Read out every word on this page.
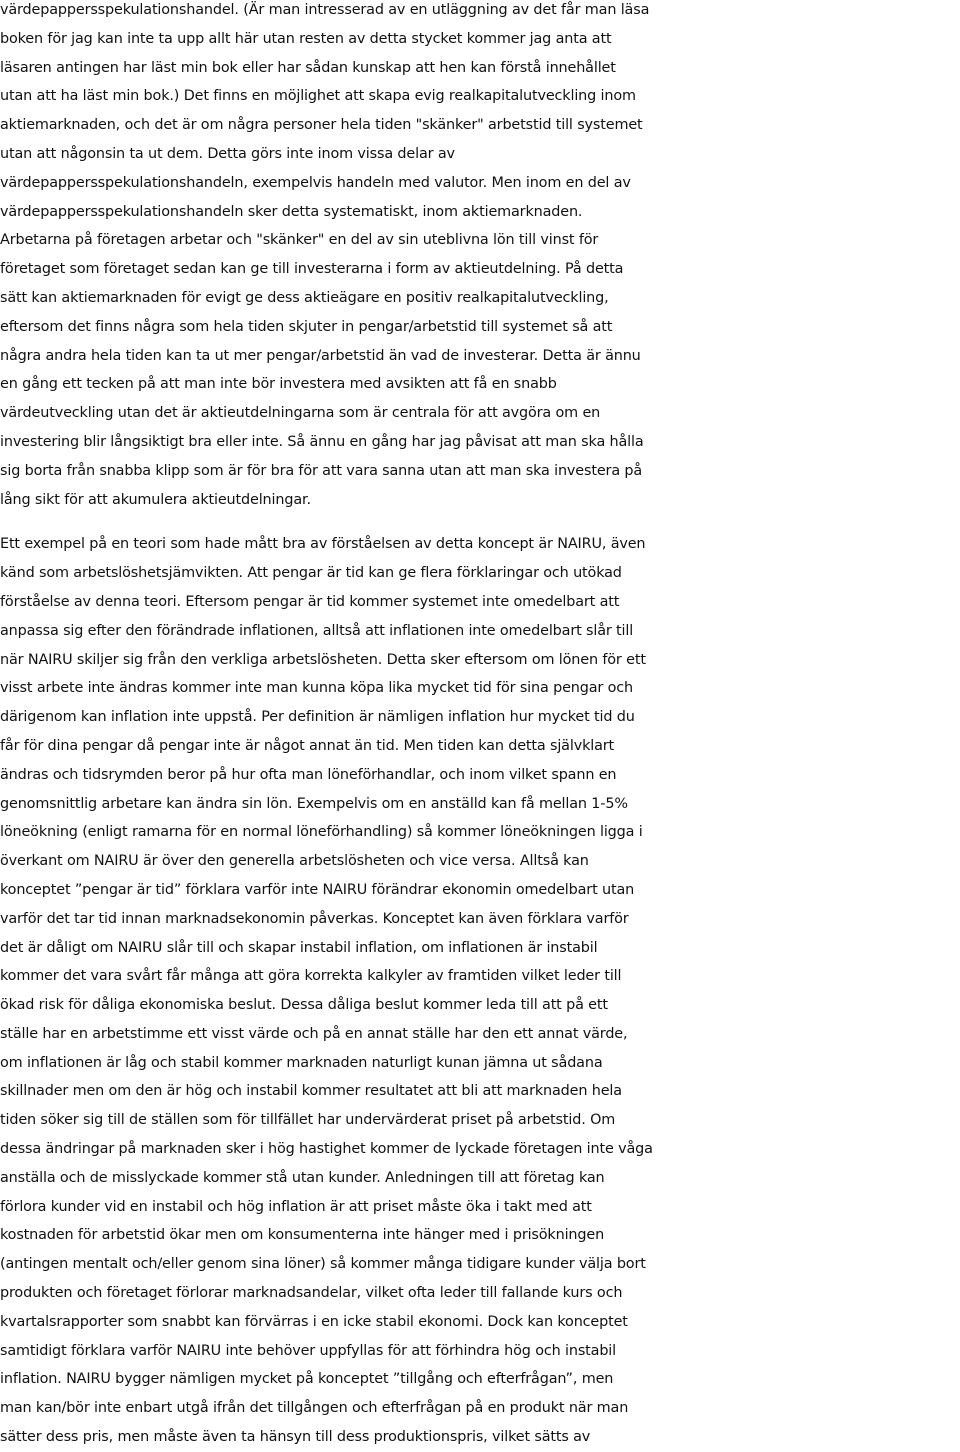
värdepappersspekulationshandel. (Är man intresserad av en utläggning av det får man läsa
boken för jag kan inte ta upp allt här utan resten av detta stycket kommer jag anta att
läsaren antingen har läst min bok eller har sådan kunskap att hen kan förstå innehållet
utan att ha läst min bok.) Det finns en möjlighet att skapa evig realkapitalutveckling inom
aktiemarknaden, och det är om några personer hela tiden "skänker" arbetstid till systemet
utan att någonsin ta ut dem. Detta görs inte inom vissa delar av
värdepappersspekulationshandeln, exempelvis handeln med valutor. Men inom en del av
värdepappersspekulationshandeln sker detta systematiskt, inom aktiemarknaden.
Arbetarna på företagen arbetar och "skänker" en del av sin uteblivna lön till vinst för
företaget som företaget sedan kan ge till investerarna i form av aktieutdelning. På detta
sätt kan aktiemarknaden för evigt ge dess aktieägare en positiv realkapitalutveckling,
eftersom det finns några som hela tiden skjuter in pengar/arbetstid till systemet så att
några andra hela tiden kan ta ut mer pengar/arbetstid än vad de investerar. Detta är ännu
en gång ett tecken på att man inte bör investera med avsikten att få en snabb
värdeutveckling utan det är aktieutdelningarna som är centrala för att avgöra om en
investering blir långsiktigt bra eller inte. Så ännu en gång har jag påvisat att man ska hålla
sig borta från snabba klipp som är för bra för att vara sanna utan att man ska investera på
lång sikt för att akumulera aktieutdelningar.
Ett exempel på en teori som hade mått bra av förståelsen av detta koncept är NAIRU, även
känd som arbetslöshetsjämvikten. Att pengar är tid kan ge flera förklaringar och utökad
förståelse av denna teori. Eftersom pengar är tid kommer systemet inte omedelbart att
anpassa sig efter den förändrade inflationen, alltså att inflationen inte omedelbart slår till
när NAIRU skiljer sig från den verkliga arbetslösheten. Detta sker eftersom om lönen för ett
visst arbete inte ändras kommer inte man kunna köpa lika mycket tid för sina pengar och
därigenom kan inflation inte uppstå. Per definition är nämligen inflation hur mycket tid du
får för dina pengar då pengar inte är något annat än tid. Men tiden kan detta självklart
ändras och tidsrymden beror på hur ofta man löneförhandlar, och inom vilket spann en
genomsnittlig arbetare kan ändra sin lön. Exempelvis om en anställd kan få mellan 1-5%
löneökning (enligt ramarna för en normal löneförhandling) så kommer löneökningen ligga i
överkant om NAIRU är över den generella arbetslösheten och vice versa. Alltså kan
konceptet ”pengar är tid” förklara varför inte NAIRU förändrar ekonomin omedelbart utan
varför det tar tid innan marknadsekonomin påverkas. Konceptet kan även förklara varför
det är dåligt om NAIRU slår till och skapar instabil inflation, om inflationen är instabil
kommer det vara svårt får många att göra korrekta kalkyler av framtiden vilket leder till
ökad risk för dåliga ekonomiska beslut. Dessa dåliga beslut kommer leda till att på ett
ställe har en arbetstimme ett visst värde och på en annat ställe har den ett annat värde,
om inflationen är låg och stabil kommer marknaden naturligt kunan jämna ut sådana
skillnader men om den är hög och instabil kommer resultatet att bli att marknaden hela
tiden söker sig till de ställen som för tillfället har undervärderat priset på arbetstid. Om
dessa ändringar på marknaden sker i hög hastighet kommer de lyckade företagen inte våga
anställa och de misslyckade kommer stå utan kunder. Anledningen till att företag kan
förlora kunder vid en instabil och hög inflation är att priset måste öka i takt med att
kostnaden för arbetstid ökar men om konsumenterna inte hänger med i prisökningen
(antingen mentalt och/eller genom sina löner) så kommer många tidigare kunder välja bort
produkten och företaget förlorar marknadsandelar, vilket ofta leder till fallande kurs och
kvartalsrapporter som snabbt kan förvärras i en icke stabil ekonomi. Dock kan konceptet
samtidigt förklara varför NAIRU inte behöver uppfyllas för att förhindra hög och instabil
inflation. NAIRU bygger nämligen mycket på konceptet ”tillgång och efterfrågan”, men
man kan/bör inte enbart utgå ifrån det tillgången och efterfrågan på en produkt när man
sätter dess pris, men måste även ta hänsyn till dess produktionspris, vilket sätts av
